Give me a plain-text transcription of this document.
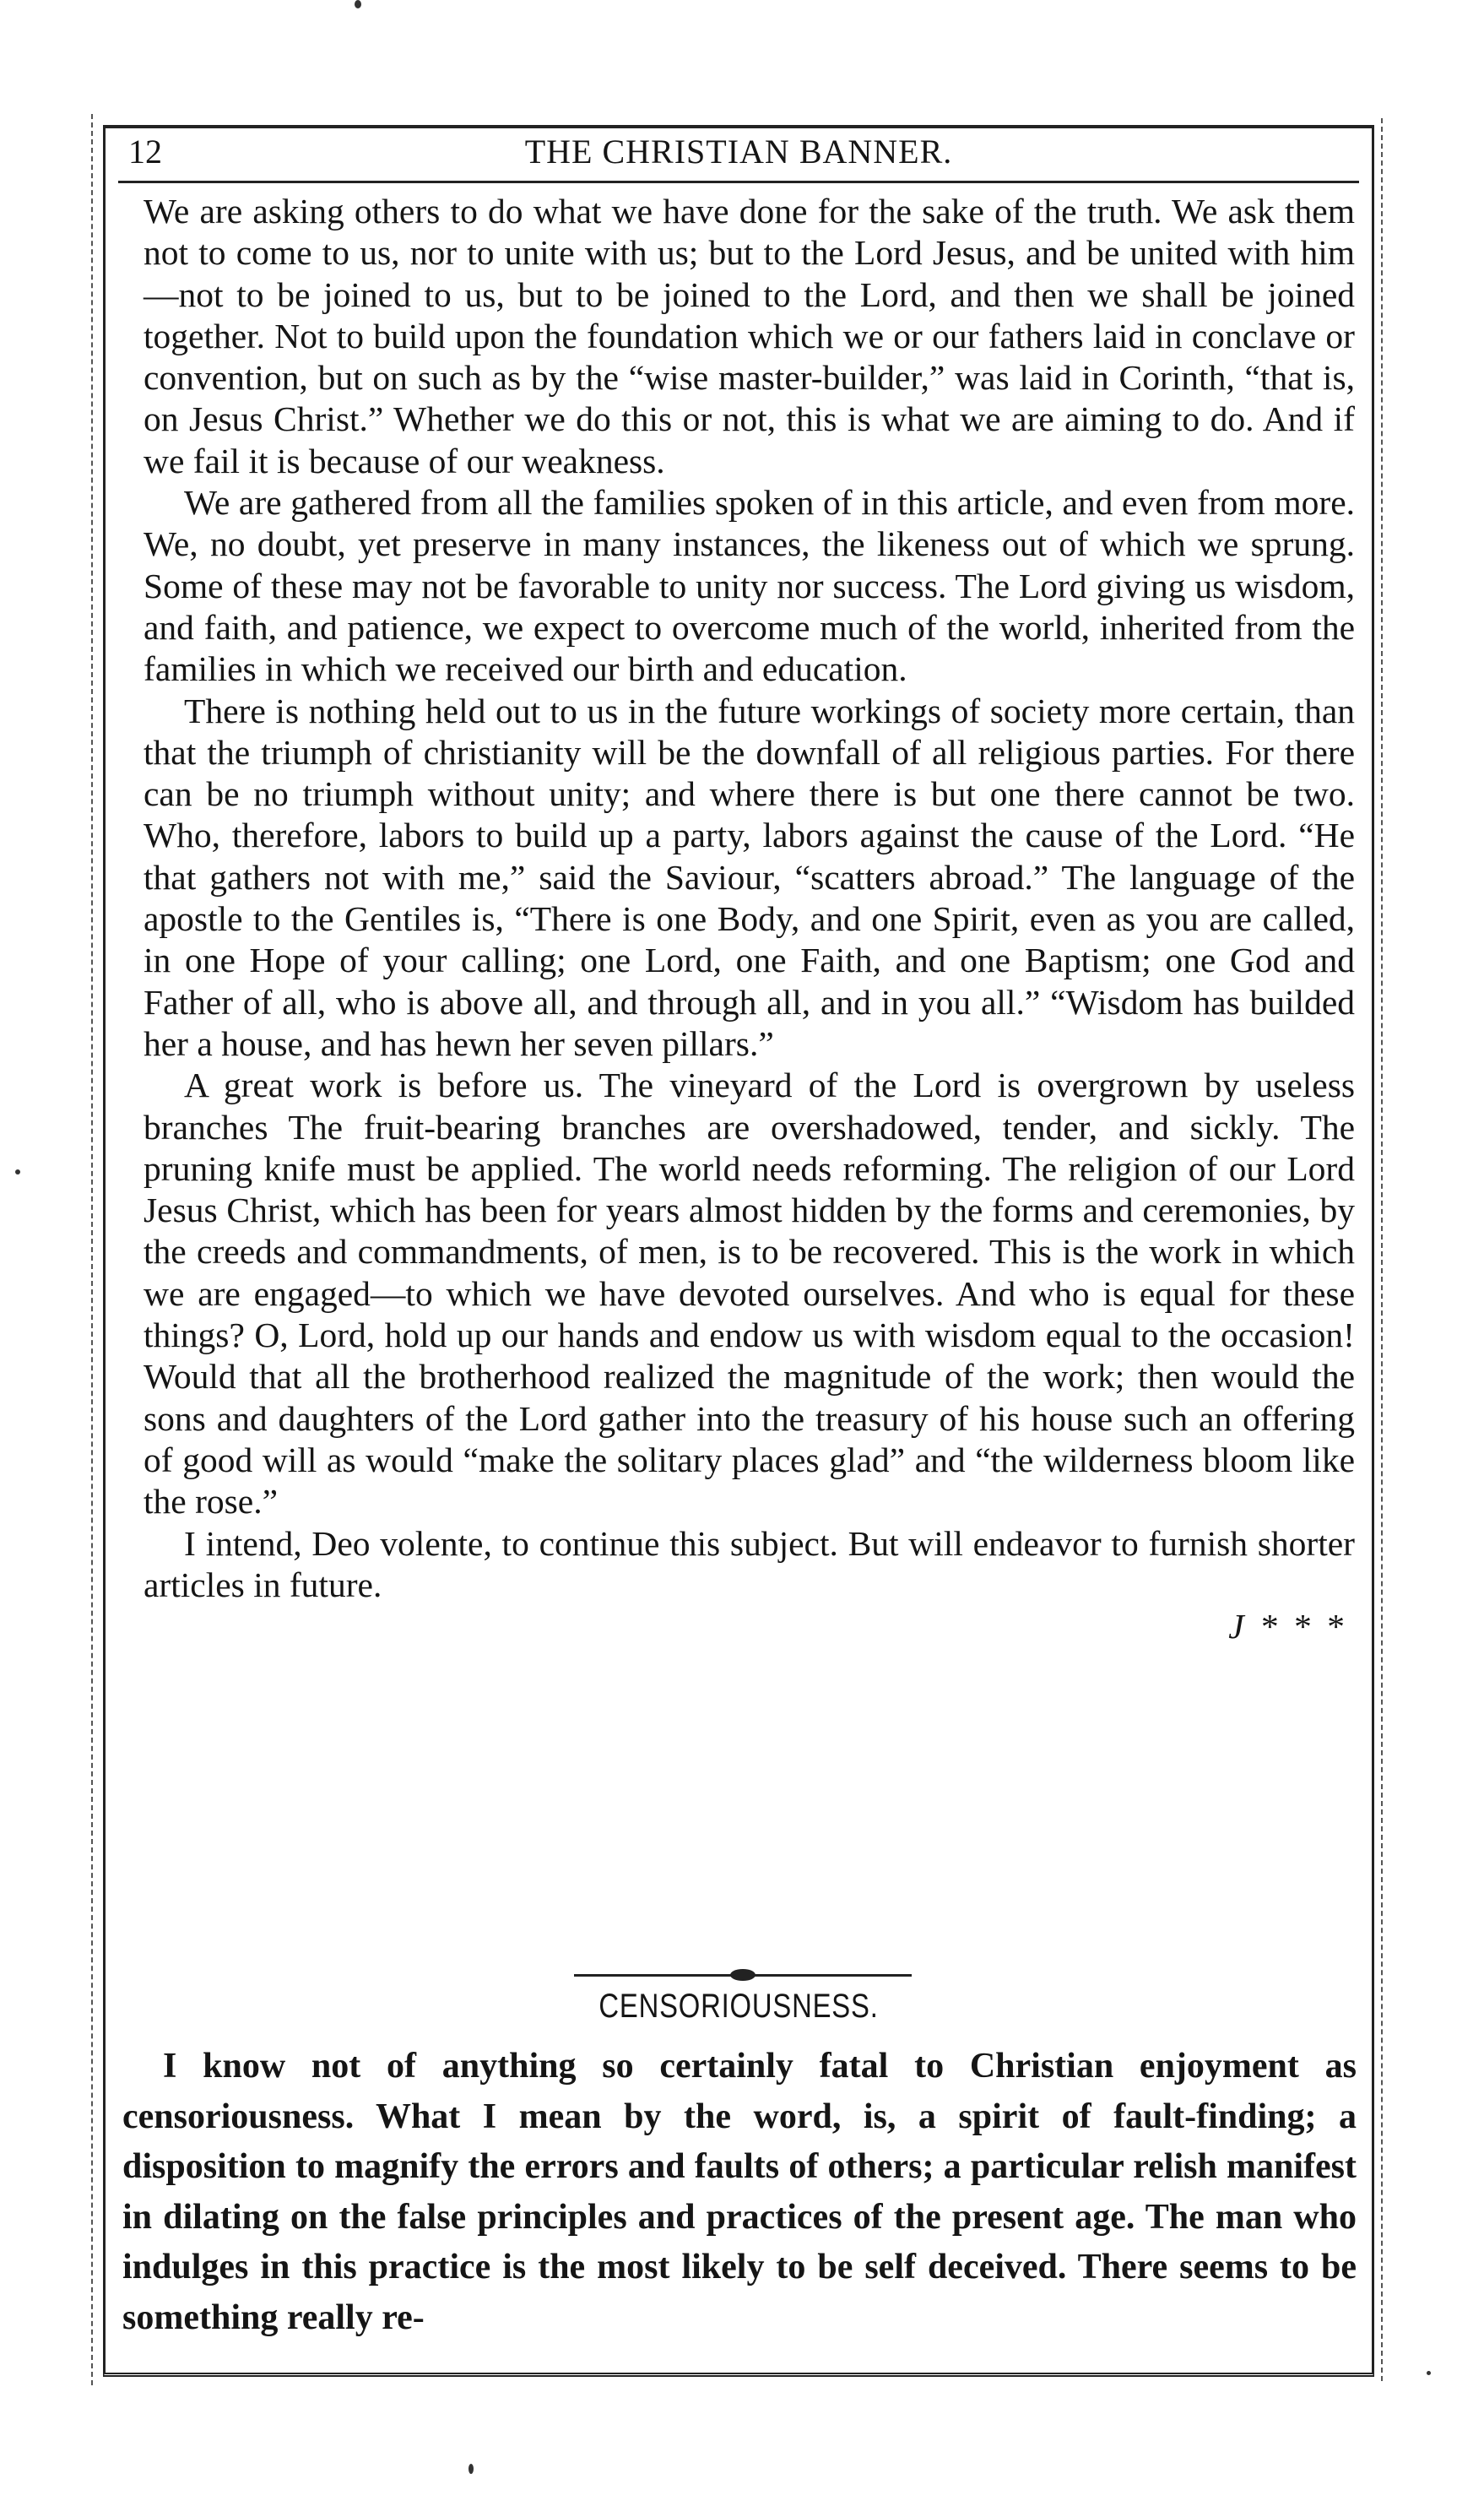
12	THE CHRISTIAN BANNER.

We are asking others to do what we have done for the sake of the truth. We ask them not to come to us, nor to unite with us; but to the Lord Jesus, and be united with him—not to be joined to us, but to be joined to the Lord, and then we shall be joined together. Not to build upon the foundation which we or our fathers laid in conclave or convention, but on such as by the “wise master-builder,” was laid in Corinth, “that is, on Jesus Christ.” Whether we do this or not, this is what we are aiming to do. And if we fail it is because of our weakness.

We are gathered from all the families spoken of in this article, and even from more. We, no doubt, yet preserve in many instances, the likeness out of which we sprung. Some of these may not be favorable to unity nor success. The Lord giving us wisdom, and faith, and patience, we expect to overcome much of the world, inherited from the families in which we received our birth and education.

There is nothing held out to us in the future workings of society more certain, than that the triumph of christianity will be the downfall of all religious parties. For there can be no triumph without unity; and where there is but one there cannot be two. Who, therefore, labors to build up a party, labors against the cause of the Lord. “He that gathers not with me,” said the Saviour, “scatters abroad.” The language of the apostle to the Gentiles is, “There is one Body, and one Spirit, even as you are called, in one Hope of your calling; one Lord, one Faith, and one Baptism; one God and Father of all, who is above all, and through all, and in you all.” “Wisdom has builded her a house, and has hewn her seven pillars.”

A great work is before us. The vineyard of the Lord is overgrown by useless branches The fruit-bearing branches are overshadowed, tender, and sickly. The pruning knife must be applied. The world needs reforming. The religion of our Lord Jesus Christ, which has been for years almost hidden by the forms and ceremonies, by the creeds and commandments, of men, is to be recovered. This is the work in which we are engaged—to which we have devoted ourselves. And who is equal for these things? O, Lord, hold up our hands and endow us with wisdom equal to the occasion! Would that all the brotherhood realized the magnitude of the work; then would the sons and daughters of the Lord gather into the treasury of his house such an offering of good will as would “make the solitary places glad” and “the wilderness bloom like the rose.”

I intend, Deo volente, to continue this subject. But will endeavor to furnish shorter articles in future.

J * * *
CENSORIOUSNESS.

I know not of anything so certainly fatal to Christian enjoyment as censoriousness. What I mean by the word, is, a spirit of fault-finding; a disposition to magnify the errors and faults of others; a particular relish manifest in dilating on the false principles and practices of the present age. The man who indulges in this practice is the most likely to be self deceived. There seems to be something really re-
